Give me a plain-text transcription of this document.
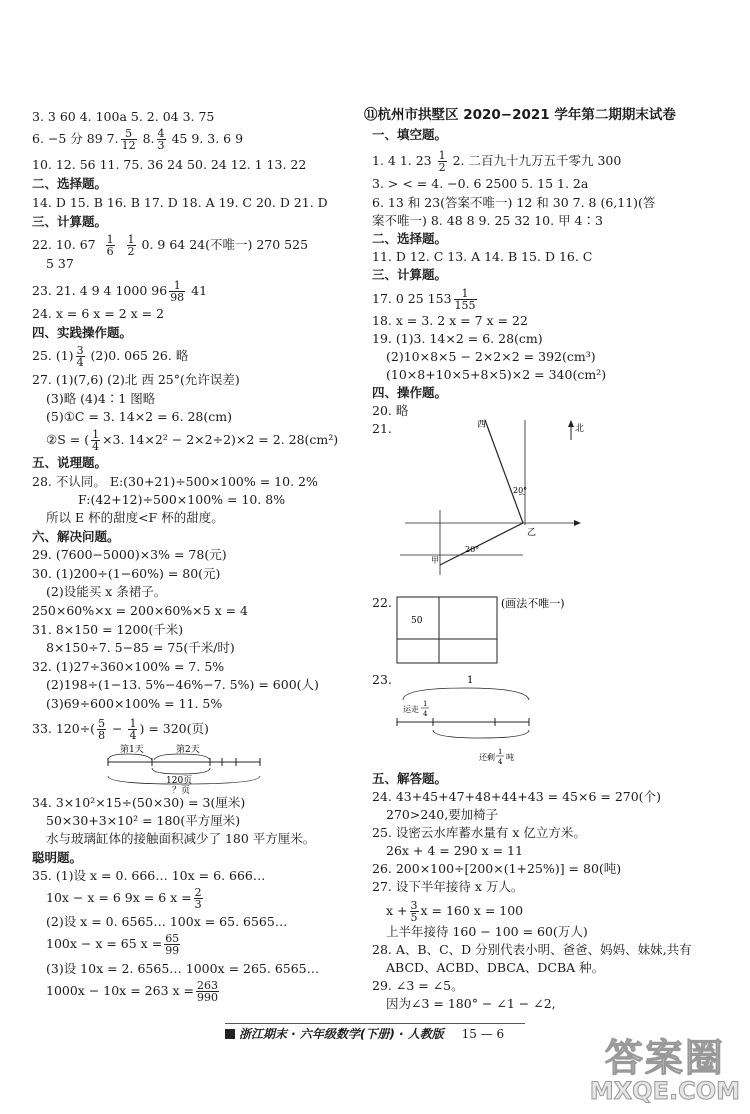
3. 3 60 4. 100a 5. 2. 04 3. 75
6. −5 分 89 7. $\frac{5}{12} 8$. $\frac{4}{3} 45$ 9. 3. 6 9
10. 12. 56 11. 75. 36 24 50. 24 12. 1 13. 22
二、选择题。
14. D 15. B 16. B 17. D 18. A 19. C 20. D 21. D
三、计算题。
22. 10. $67 \frac{1}{6}$
$\frac{1}{2} 0$. 9 64 24(不唯一) 270 525
5 37
23. 21. 4 9 4 1000 $96 \frac{1}{98} 41$
24. x = 6 x = 2 x = 2
四、实践操作题。
25. $(1) \frac{3}{4} (2)0$. 065 26. 略
27. (1)(7,6) (2)北 西 25°(允许误差)
(3)略 (4)4∶1 图略
(5)①C = 3. 14×2 = 6. 28(cm)
②S = ( $\frac{1}{4} \times 3$. 14×2² − 2×2÷2)×2 = 2. 28(cm²)
五、说理题。
28. 不认同。 E:(30+21)÷500×100% = 10. 2%
F:(42+12)÷500×100% = 10. 8%
所以 E 杯的甜度<F 杯的甜度。
六、解决问题。
29. (7600−5000)×3% = 78(元)
30. (1)200÷(1−60%) = 80(元)
(2)设能买 x 条裙子。
250×60%×x = 200×60%×5 x = 4
31. 8×150 = 1200(千米)
8×150÷7. 5−85 = 75(千米/时)
32. (1)27÷360×100% = 7. 5%
(2)198÷(1−13. 5%−46%−7. 5%) = 600(人)
(3)69÷600×100% = 11. 5%
33. $120\div( \frac{5}{8} - \frac{1}{4}$ ) = 320(页)
第1天	第2天
120页
？页
34. 3×10²×15÷(50×30) = 3(厘米)
50×30+3×10² = 180(平方厘米)
水与玻璃缸体的接触面积减少了 180 平方厘米。
聪明题。
35. (1)设 x = 0. 666… 10x = 6. 666…
10x − x = 6 9x = 6 $x = \frac{2}{3}$
(2)设 x = 0. 6565… 100x = 65. 6565…
100x − x = 65 $x = \frac{65}{99}$
(3)设 10x = 2. 6565… 1000x = 265. 6565…
1000x − 10x = 263 $x = \frac{263}{990}$
⑪杭州市拱墅区 2020−2021 学年第二期期末试卷
一、填空题。
1. 4 1. $23 \frac{1}{2} 2$. 二百九十九万五千零九 300
3. > < = 4. −0. 6 2500 5. 15 1. 2a
6. 13 和 23(答案不唯一) 12 和 30 7. 8 (6,11)(答
案不唯一) 8. 48 8 9. 25 32 10. 甲 4∶3
二、选择题。
11. D 12. C 13. A 14. B 15. D 16. C
三、计算题。
17. 0 25 $153 \frac{1}{155}$
18. x = 3. 2 x = 7 x = 22
19. (1)3. 14×2 = 6. 28(cm)
(2)10×8×5 − 2×2×2 = 392(cm³)
(10×8+10×5+8×5)×2 = 340(cm²)
四、操作题。
20. 略
21.	西	北
20°
乙
20°
甲
22.
50
(画法不唯一)
23.	1
运走
1
4
还剩
1
4 吨
五、解答题。
24. 43+45+47+48+44+43 = 45×6 = 270(个)
270>240,要加椅子
25. 设密云水库蓄水量有 x 亿立方米。
26x + 4 = 290 x = 11
26. 200×100÷[200×(1+25%)] = 80(吨)
27. 设下半年接待 x 万人。
$x + \frac{3}{5}$ x = 160 x = 100
上半年接待 160 − 100 = 60(万人)
28. A、B、C、D 分别代表小明、爸爸、妈妈、妹妹,共有
ABCD、ACBD、DBCA、DCBA 种。
29. ∠3 = ∠5。
因为∠3 = 180° − ∠1 − ∠2,
浙江期末 · 六年级数学(下册) · 人教版 15 — 6
答案圈
MXQE.COM
